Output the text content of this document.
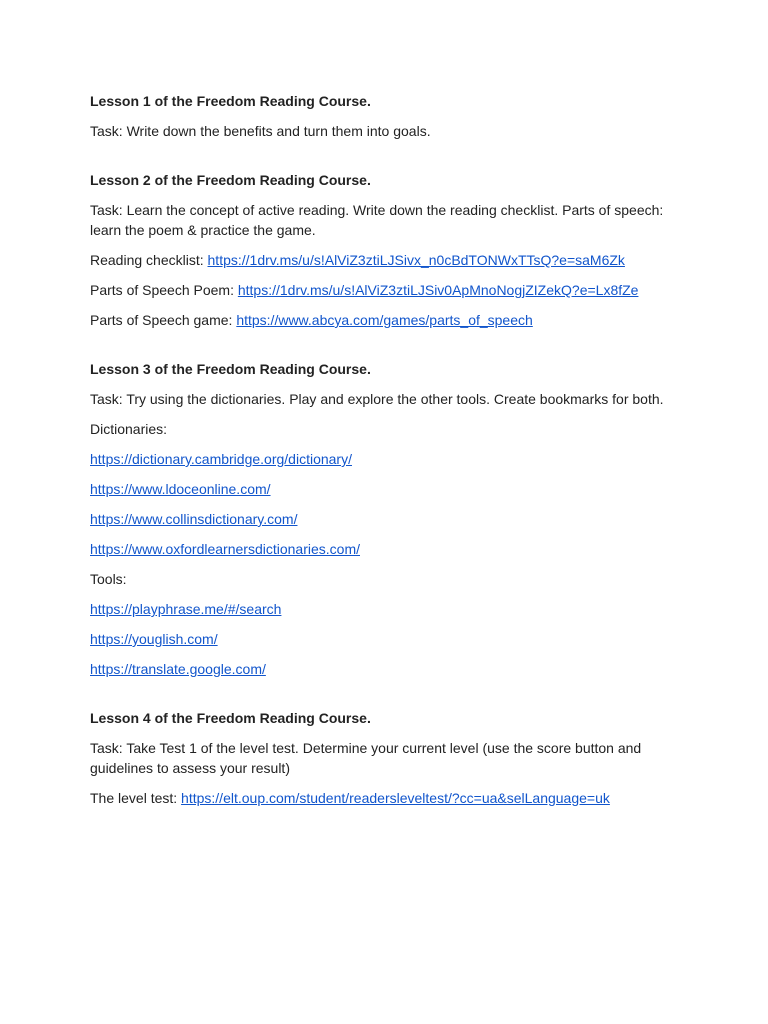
Lesson 1 of the Freedom Reading Course.
Task: Write down the benefits and turn them into goals.
Lesson 2 of the Freedom Reading Course.
Task: Learn the concept of active reading. Write down the reading checklist. Parts of speech: learn the poem & practice the game.
Reading checklist: https://1drv.ms/u/s!AlViZ3ztiLJSivx_n0cBdTONWxTTsQ?e=saM6Zk
Parts of Speech Poem: https://1drv.ms/u/s!AlViZ3ztiLJSiv0ApMnoNogjZIZekQ?e=Lx8fZe
Parts of Speech game: https://www.abcya.com/games/parts_of_speech
Lesson 3 of the Freedom Reading Course.
Task: Try using the dictionaries. Play and explore the other tools. Create bookmarks for both.
Dictionaries:
https://dictionary.cambridge.org/dictionary/
https://www.ldoceonline.com/
https://www.collinsdictionary.com/
https://www.oxfordlearnersdictionaries.com/
Tools:
https://playphrase.me/#/search
https://youglish.com/
https://translate.google.com/
Lesson 4 of the Freedom Reading Course.
Task: Take Test 1 of the level test. Determine your current level (use the score button and guidelines to assess your result)
The level test: https://elt.oup.com/student/readersleveltest/?cc=ua&selLanguage=uk
